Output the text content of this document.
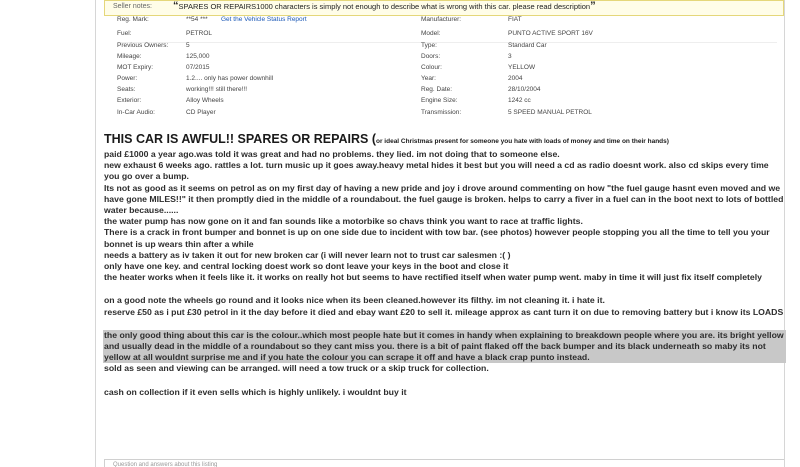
Seller notes: “SPARES OR REPAIRS1000 characters is simply not enough to describe what is wrong with this car. please read description”
Reg. Mark:	**54 *** Get the Vehicle Status Report	Manufacturer:	FIAT
Fuel:	PETROL	Model:	PUNTO ACTIVE SPORT 16V
Previous Owners:	5	Type:	Standard Car
Mileage:	125,000	Doors:	3
MOT Expiry:	07/2015	Colour:	YELLOW
Power:	1.2.... only has power downhill	Year:	2004
Seats:	working!!! still there!!!	Reg. Date:	28/10/2004
Exterior:	Alloy Wheels	Engine Size:	1242 cc
In-Car Audio:	CD Player	Transmission:	5 SPEED MANUAL PETROL
THIS CAR IS AWFUL!! SPARES OR REPAIRS (or ideal Christmas present for someone you hate with loads of money and time on their hands)

paid £1000 a year ago.was told it was great and had no problems. they lied. im not doing that to someone else.
new exhaust 6 weeks ago. rattles a lot. turn music up it goes away.heavy metal hides it best but you will need a cd as radio doesnt work. also cd skips every time you go over a bump.
Its not as good as it seems on petrol as on my first day of having a new pride and joy i drove around commenting on how "the fuel gauge hasnt even moved and we have gone MILES!!" it then promptly died in the middle of a roundabout. the fuel gauge is broken. helps to carry a fiver in a fuel can in the boot next to lots of bottled water because......
the water pump has now gone on it and fan sounds like a motorbike so chavs think you want to race at traffic lights.
There is a crack in front bumper and bonnet is up on one side due to incident with tow bar. (see photos) however people stopping you all the time to tell you your bonnet is up wears thin after a while
needs a battery as iv taken it out for new broken car (i will never learn not to trust car salesmen :( )
only have one key. and central locking doest work so dont leave your keys in the boot and close it
the heater works when it feels like it. it works on really hot but seems to have rectified itself when water pump went. maby in time it will just fix itself completely

on a good note the wheels go round and it looks nice when its been cleaned.however its filthy. im not cleaning it. i hate it.
reserve £50 as i put £30 petrol in it the day before it died and ebay want £20 to sell it. mileage approx as cant turn it on due to removing battery but i know its LOADS

the only good thing about this car is the colour..which most people hate but it comes in handy when explaining to breakdown people where you are. its bright yellow and usually dead in the middle of a roundabout so they cant miss you. there is a bit of paint flaked off the back bumper and its black underneath so maby its not yellow at all wouldnt surprise me and if you hate the colour you can scrape it off and have a black crap punto instead.

sold as seen and viewing can be arranged. will need a tow truck or a skip truck for collection.

cash on collection if it even sells which is highly unlikely. i wouldnt buy it

Question and answers about this listing
